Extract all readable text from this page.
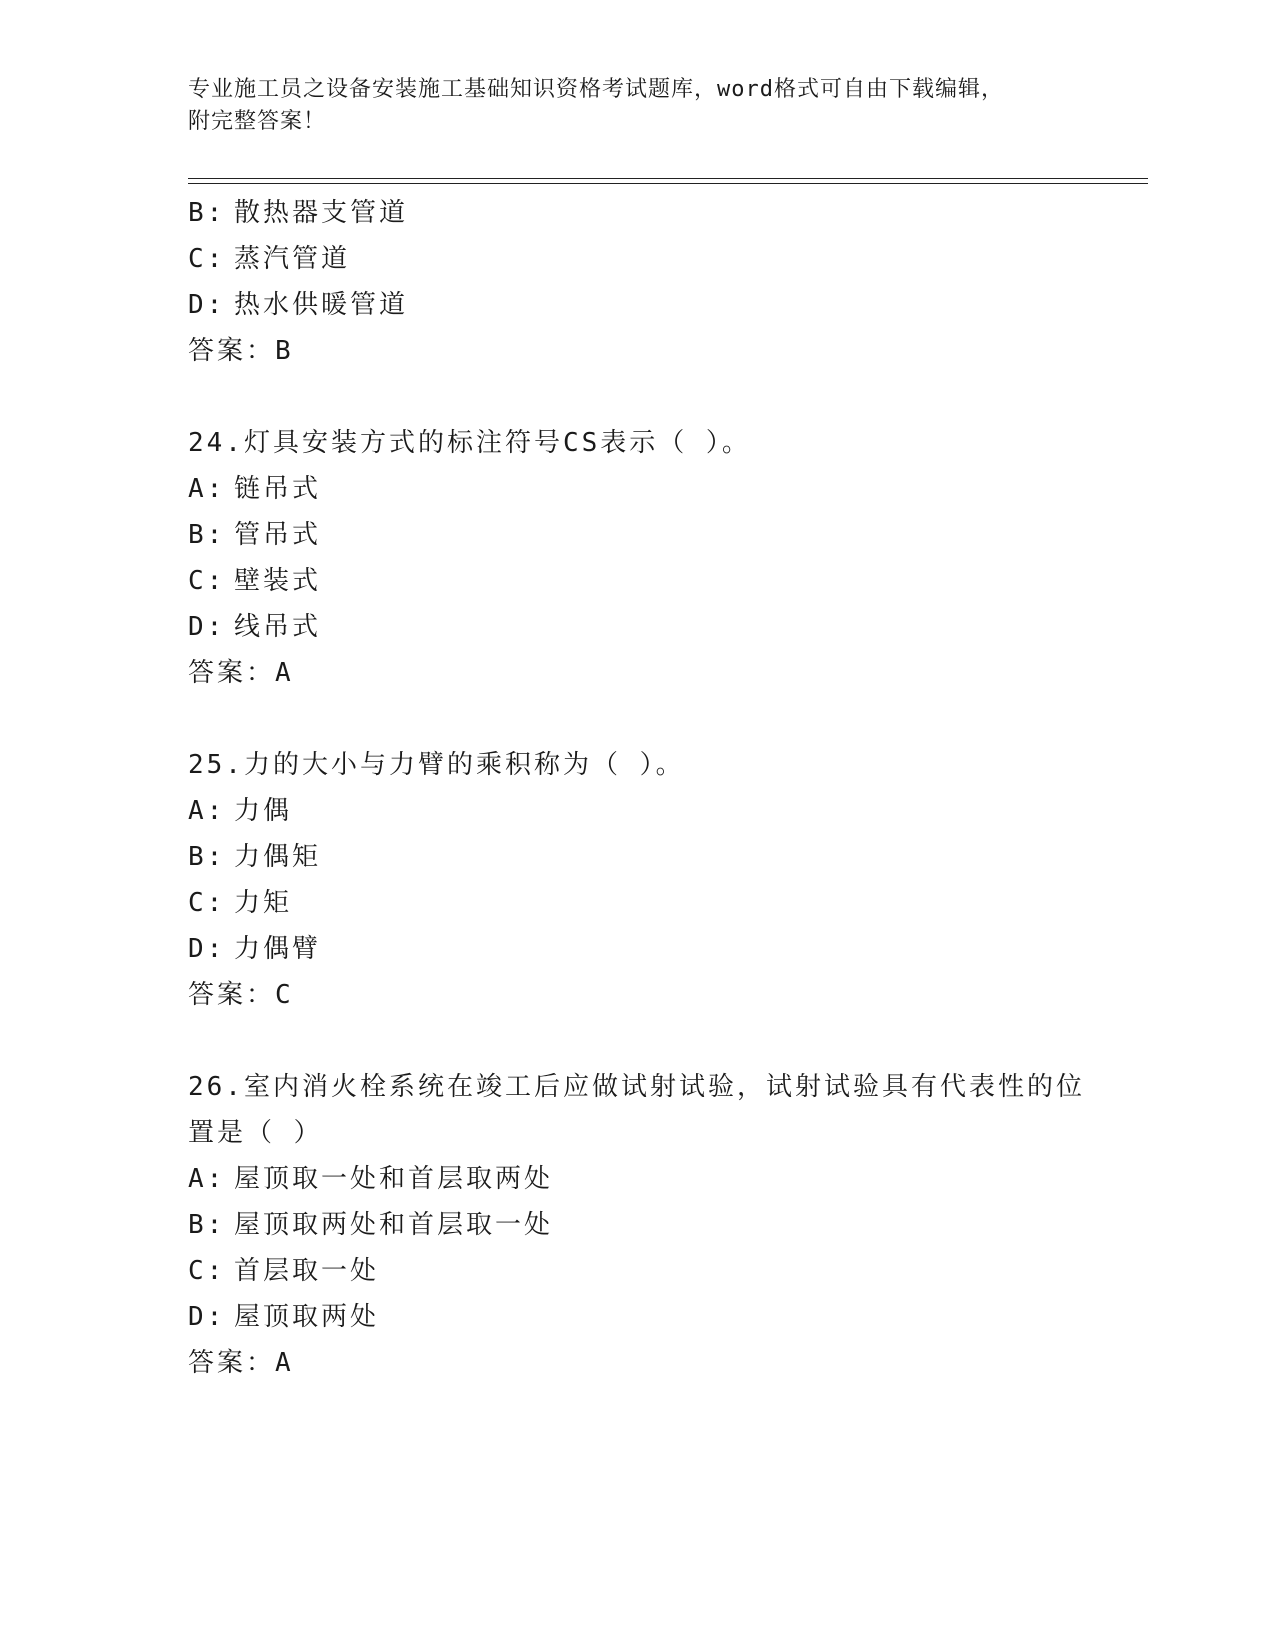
专业施工员之设备安装施工基础知识资格考试题库，word格式可自由下载编辑，
附完整答案！
B: 散热器支管道
C: 蒸汽管道
D: 热水供暖管道
答案：B
24.灯具安装方式的标注符号CS表示（ ）。
A: 链吊式
B: 管吊式
C: 壁装式
D: 线吊式
答案：A
25.力的大小与力臂的乘积称为（ ）。
A: 力偶
B: 力偶矩
C: 力矩
D: 力偶臂
答案：C
26.室内消火栓系统在竣工后应做试射试验，试射试验具有代表性的位
置是（ ）
A: 屋顶取一处和首层取两处
B: 屋顶取两处和首层取一处
C: 首层取一处
D: 屋顶取两处
答案：A
